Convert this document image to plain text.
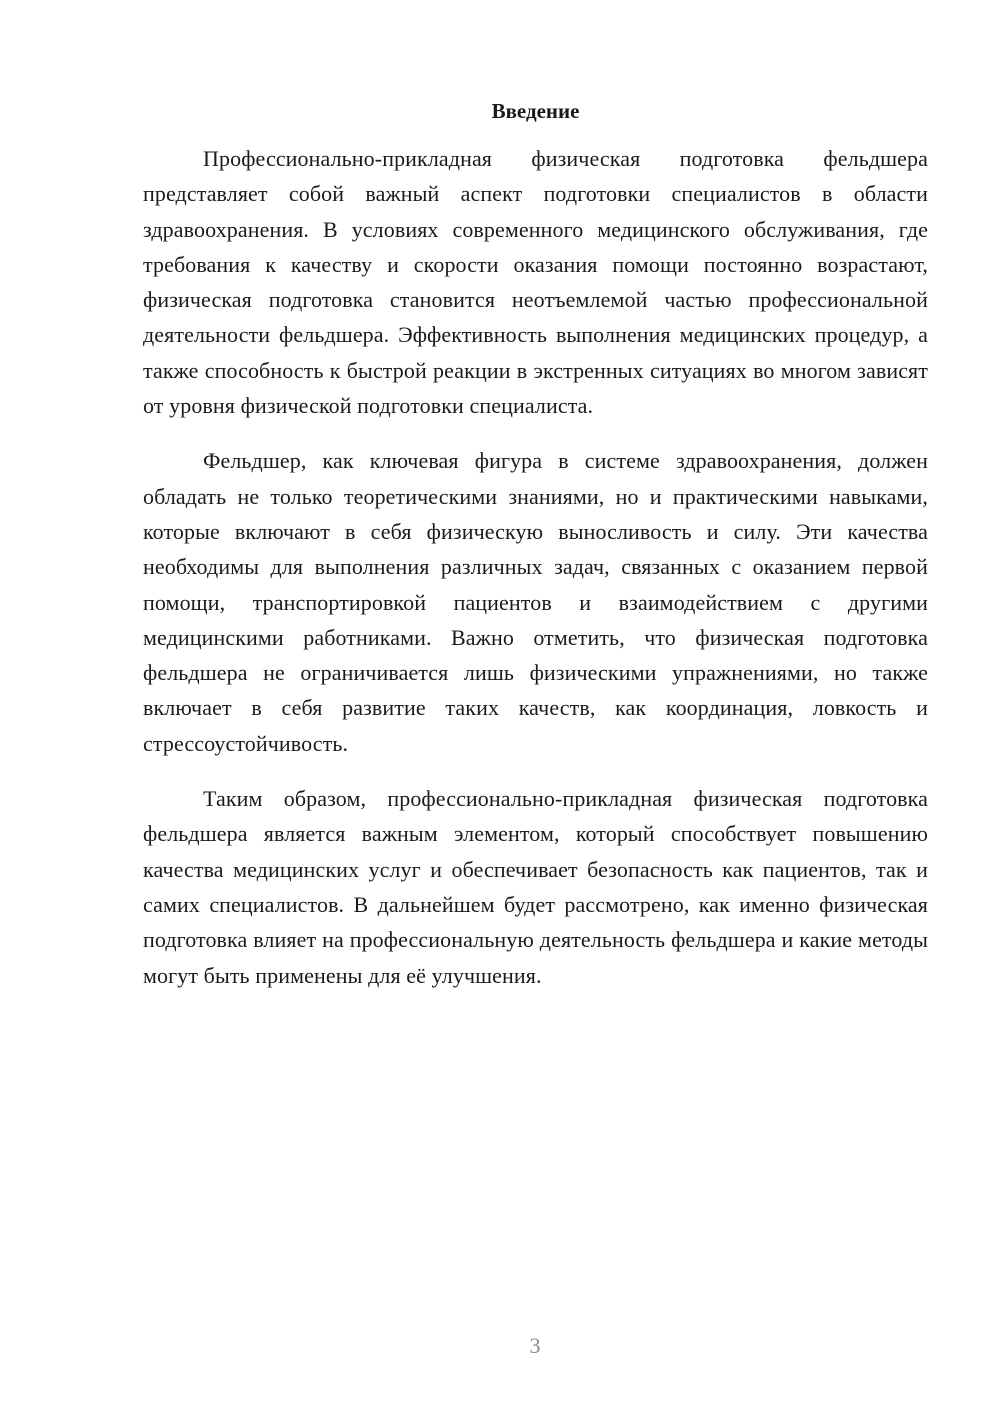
Введение

Профессионально-прикладная физическая подготовка фельдшера представляет собой важный аспект подготовки специалистов в области здравоохранения. В условиях современного медицинского обслуживания, где требования к качеству и скорости оказания помощи постоянно возрастают, физическая подготовка становится неотъемлемой частью профессиональной деятельности фельдшера. Эффективность выполнения медицинских процедур, а также способность к быстрой реакции в экстренных ситуациях во многом зависят от уровня физической подготовки специалиста.

Фельдшер, как ключевая фигура в системе здравоохранения, должен обладать не только теоретическими знаниями, но и практическими навыками, которые включают в себя физическую выносливость и силу. Эти качества необходимы для выполнения различных задач, связанных с оказанием первой помощи, транспортировкой пациентов и взаимодействием с другими медицинскими работниками. Важно отметить, что физическая подготовка фельдшера не ограничивается лишь физическими упражнениями, но также включает в себя развитие таких качеств, как координация, ловкость и стрессоустойчивость.

Таким образом, профессионально-прикладная физическая подготовка фельдшера является важным элементом, который способствует повышению качества медицинских услуг и обеспечивает безопасность как пациентов, так и самих специалистов. В дальнейшем будет рассмотрено, как именно физическая подготовка влияет на профессиональную деятельность фельдшера и какие методы могут быть применены для её улучшения.

3
